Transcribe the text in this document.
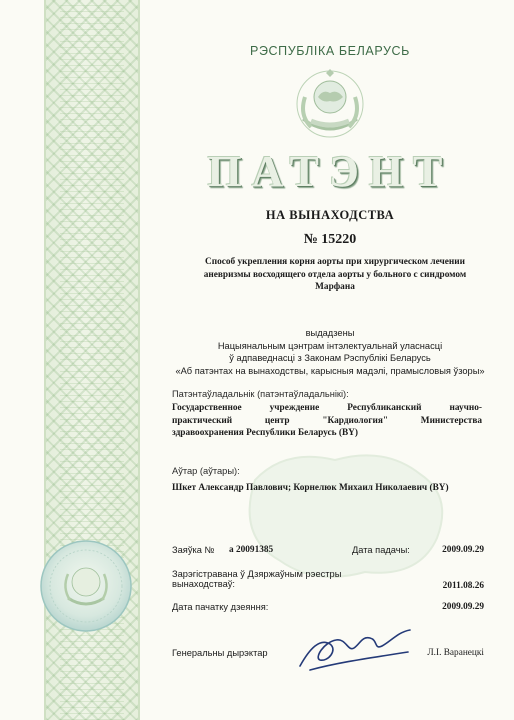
РЭСПУБЛІКА БЕЛАРУСЬ
ПАТЭНТ
НА ВЫНАХОДСТВА
№ 15220
Способ укрепления корня аорты при хирургическом лечении
аневризмы восходящего отдела аорты у больного с синдромом
Марфана
выдадзены
Нацыянальным цэнтрам інтэлектуальнай уласнасці
ў адпаведнасці з Законам Рэспублікі Беларусь
«Аб патэнтах на вынаходствы, карысныя мадэлі, прамысловыя ўзоры»
Патэнтаўладальнік (патэнтаўладальнікі):
Государственное учреждение Республиканский научно-
практический центр "Кардиология" Министерства
здравоохранения Республики Беларусь (BY)
Аўтар (аўтары):
Шкет Александр Павлович; Корнелюк Михаил Николаевич (BY)
Заяўка № а 20091385	Дата падачы:	2009.09.29
Зарэгістравана ў Дзяржаўным рэестры
вынаходстваў:	2011.08.26
Дата пачатку дзеяння:	2009.09.29
Генеральны дырэктар	Л.І. Варанецкі
